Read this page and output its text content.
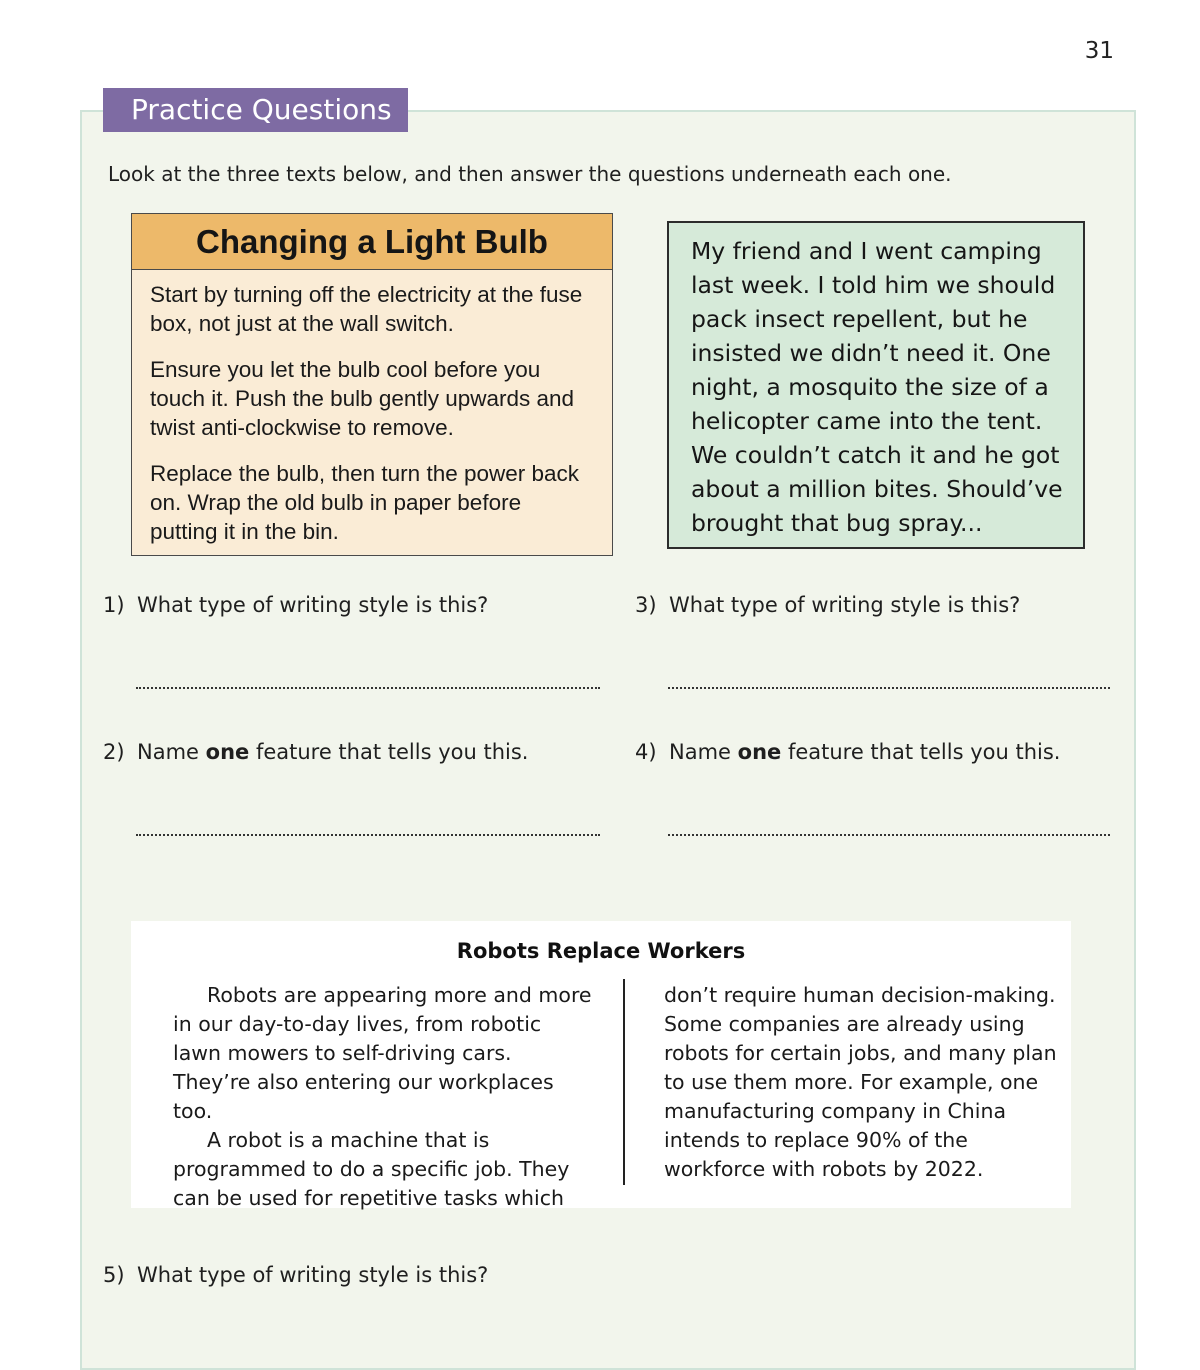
31
Practice Questions
Look at the three texts below, and then answer the questions underneath each one.
Changing a Light Bulb
Start by turning off the electricity at the fuse box, not just at the wall switch.
Ensure you let the bulb cool before you touch it. Push the bulb gently upwards and twist anti-clockwise to remove.
Replace the bulb, then turn the power back on. Wrap the old bulb in paper before putting it in the bin.
My friend and I went camping last week. I told him we should pack insect repellent, but he insisted we didn’t need it. One night, a mosquito the size of a helicopter came into the tent. We couldn’t catch it and he got about a million bites. Should’ve brought that bug spray...
1) What type of writing style is this?
2) Name one feature that tells you this.
3) What type of writing style is this?
4) Name one feature that tells you this.
Robots Replace Workers

Robots are appearing more and more in our day-to-day lives, from robotic lawn mowers to self-driving cars. They’re also entering our workplaces too.

A robot is a machine that is programmed to do a specific job. They can be used for repetitive tasks which

don’t require human decision-making. Some companies are already using robots for certain jobs, and many plan to use them more. For example, one manufacturing company in China intends to replace 90% of the workforce with robots by 2022.

5) What type of writing style is this?
